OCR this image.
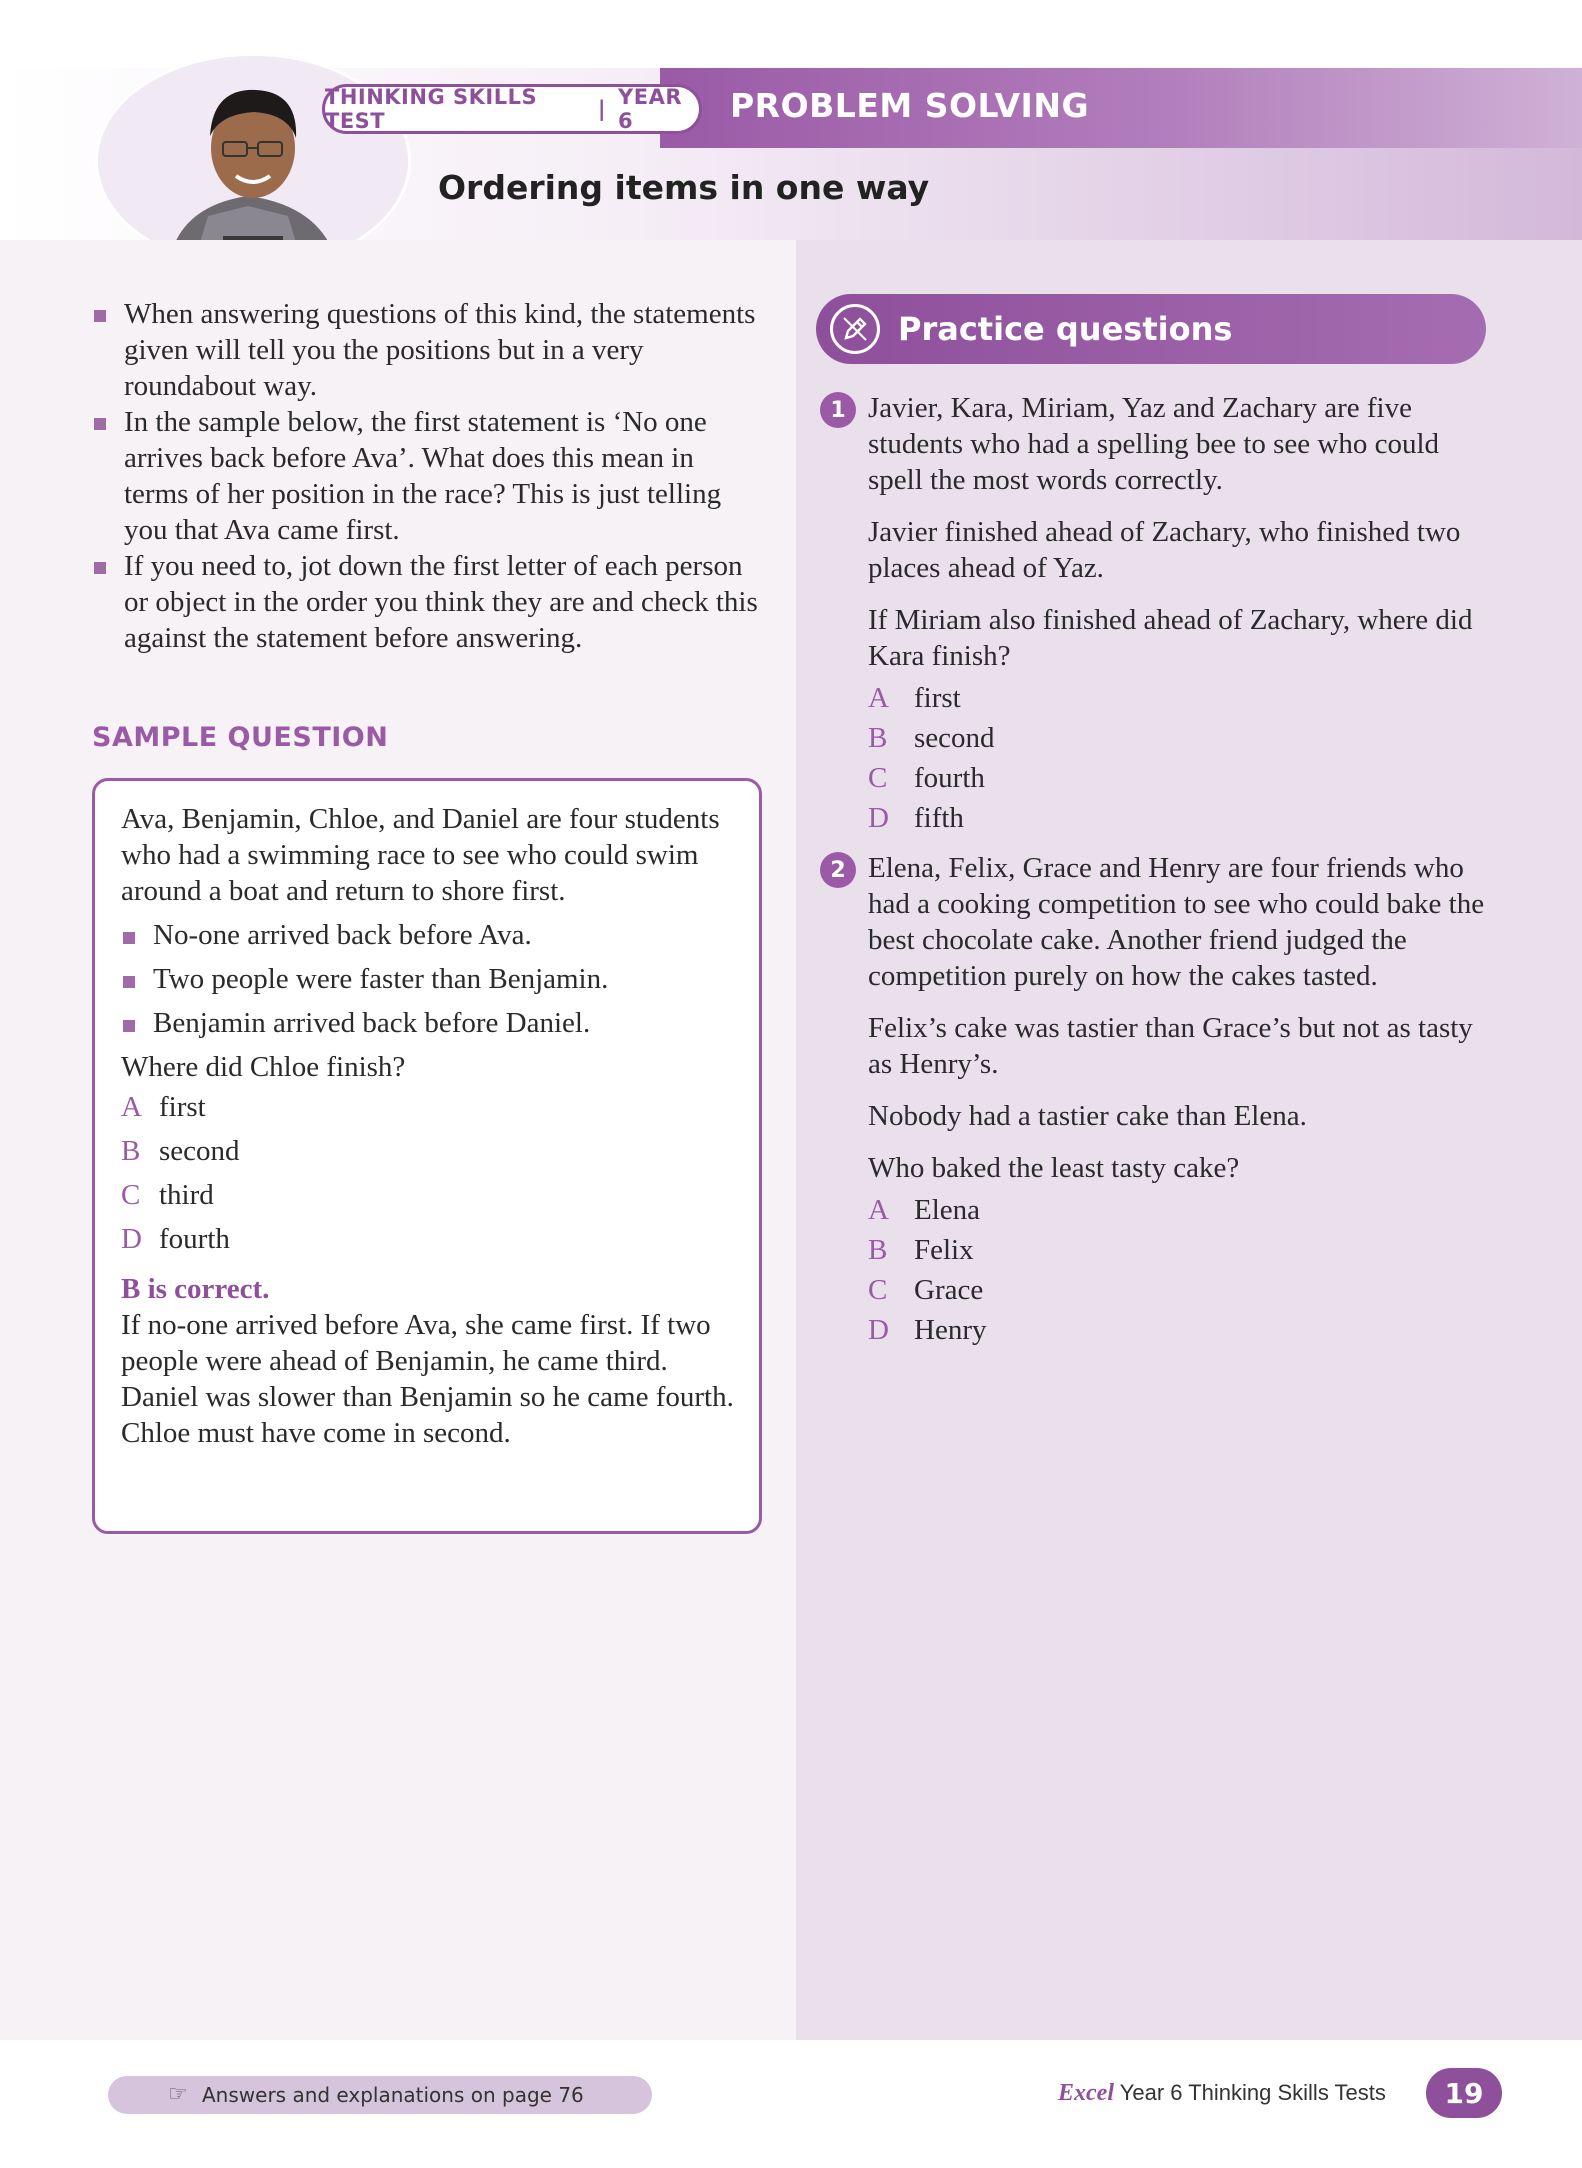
THINKING SKILLS TEST	| YEAR 6	PROBLEM SOLVING
Ordering items in one way
When answering questions of this kind, the statements given will tell you the positions but in a very roundabout way.
In the sample below, the first statement is ‘No one arrives back before Ava’. What does this mean in terms of her position in the race? This is just telling you that Ava came first.
If you need to, jot down the first letter of each person or object in the order you think they are and check this against the statement before answering.
SAMPLE QUESTION

Ava, Benjamin, Chloe, and Daniel are four students who had a swimming race to see who could swim around a boat and return to shore first.

No-one arrived back before Ava.
Two people were faster than Benjamin.
Benjamin arrived back before Daniel.

Where did Chloe finish?

A first
B second
C third
D fourth

B is correct.

If no-one arrived before Ava, she came first. If two people were ahead of Benjamin, he came third. Daniel was slower than Benjamin so he came fourth. Chloe must have come in second.

Practice questions
1 Javier, Kara, Miriam, Yaz and Zachary are five students who had a spelling bee to see who could spell the most words correctly.

Javier finished ahead of Zachary, who finished two places ahead of Yaz.

If Miriam also finished ahead of Zachary, where did Kara finish?

A first
B second
C fourth
D fifth
2 Elena, Felix, Grace and Henry are four friends who had a cooking competition to see who could bake the best chocolate cake. Another friend judged the competition purely on how the cakes tasted.

Felix’s cake was tastier than Grace’s but not as tasty as Henry’s.

Nobody had a tastier cake than Elena.

Who baked the least tasty cake?

A Elena
B Felix
C Grace
D Henry
☞ Answers and explanations on page 76	Excel Year 6 Thinking Skills Tests	19
